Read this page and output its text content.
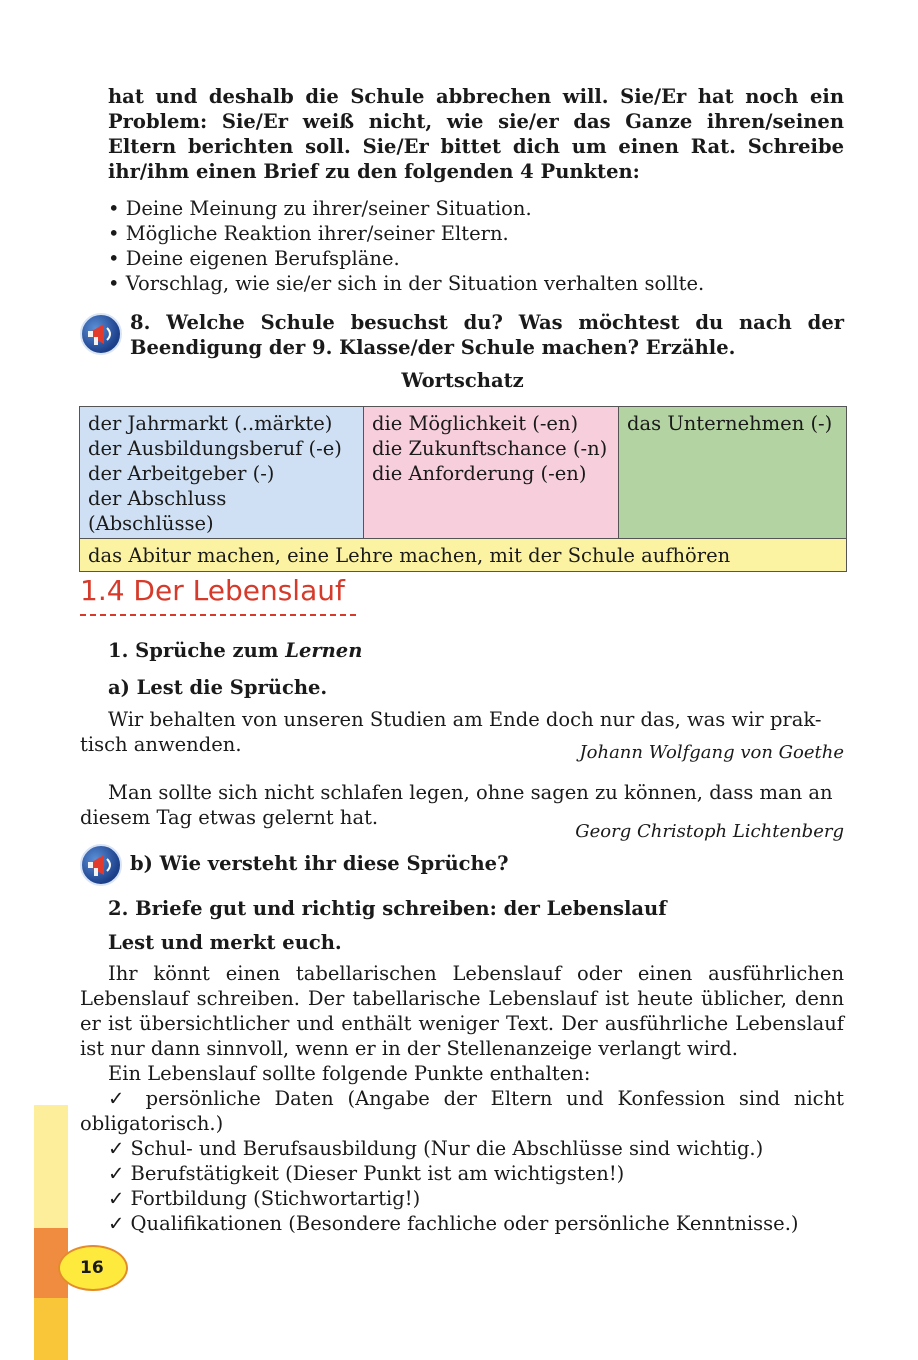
hat und deshalb die Schule abbrechen will. Sie/Er hat noch ein Problem: Sie/Er weiß nicht, wie sie/er das Ganze ihren/seinen Eltern berichten soll. Sie/Er bittet dich um einen Rat. Schreibe ihr/ihm einen Brief zu den folgenden 4 Punkten:
• Deine Meinung zu ihrer/seiner Situation.
• Mögliche Reaktion ihrer/seiner Eltern.
• Deine eigenen Berufspläne.
• Vorschlag, wie sie/er sich in der Situation verhalten sollte.
8. Welche Schule besuchst du? Was möchtest du nach der Beendigung der 9. Klasse/der Schule machen? Erzähle.
Wortschatz
der Jahrmarkt (..märkte)
der Ausbildungsberuf (-e)
der Arbeitgeber (-)
der Abschluss (Abschlüsse)

die Möglichkeit (-en)
die Zukunftschance (-n)
die Anforderung (-en)

das Unternehmen (-)

das Abitur machen, eine Lehre machen, mit der Schule aufhören
1.4 Der Lebenslauf
1. Sprüche zum Lernen
a) Lest die Sprüche.
Wir behalten von unseren Studien am Ende doch nur das, was wir prak-
tisch anwenden.	Johann Wolfgang von Goethe
Man sollte sich nicht schlafen legen, ohne sagen zu können, dass man an
diesem Tag etwas gelernt hat.
Georg Christoph Lichtenberg
b) Wie versteht ihr diese Sprüche?
2. Briefe gut und richtig schreiben: der Lebenslauf
Lest und merkt euch.
Ihr könnt einen tabellarischen Lebenslauf oder einen ausführlichen Lebenslauf schreiben. Der tabellarische Lebenslauf ist heute üblicher, denn er ist übersichtlicher und enthält weniger Text. Der ausführliche Lebenslauf ist nur dann sinnvoll, wenn er in der Stellenanzeige verlangt wird.
Ein Lebenslauf sollte folgende Punkte enthalten:
✓ persönliche Daten (Angabe der Eltern und Konfession sind nicht obligatorisch.)
✓ Schul- und Berufsausbildung (Nur die Abschlüsse sind wichtig.)
✓ Berufstätigkeit (Dieser Punkt ist am wichtigsten!)
✓ Fortbildung (Stichwortartig!)
✓ Qualifikationen (Besondere fachliche oder persönliche Kenntnisse.)
16
